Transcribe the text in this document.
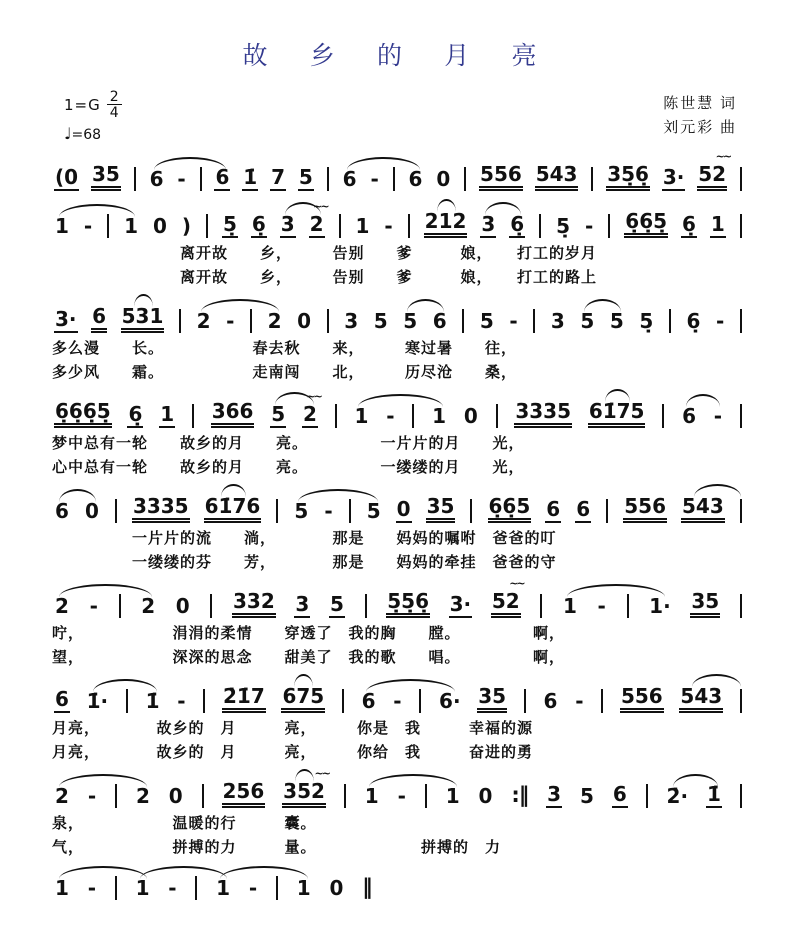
故 乡 的 月 亮
$1=G \frac{2}{4}$
♩=68
陈世慧 词
刘元彩 曲
(0 35 6 - 6 1̇ 7 5 6 - 6 0 556 543 35̣6̣ 3· 52
~~
1 - 1 0 ) 5̣ 6̣ 3 2
~~
1 - 212 3 6̣ 5̣ - 6̣6̣5̣ 6̣ 1
　　　　　　　　离开故　　乡，　　　告别　　爹　　　娘，　　打工的岁月
　　　　　　　　离开故　　乡，　　　告别　　爹　　　娘，　　打工的路上
3· 6 531 2 - 2 0 3 5 5 6 5 - 3 5 5 5̣ 6̣ -
多么漫　　长。　　　　　　春去秋　　来，　　　寒过暑　　往，
多少风　　霜。　　　　　　走南闯　　北，　　　历尽沧　　桑，
6̣6̣6̣5̣ 6̣ 1 366 5 2
~~
1 - 1 0 3335 61̇75 6 -
梦中总有一轮　　故乡的月　　亮。　　　　　一片片的月　　光，
心中总有一轮　　故乡的月　　亮。　　　　　一缕缕的月　　光，
6 0 3335 61̇76 5 - 5 0 35 6̣6̣5 6 6 556 543
　　　　　一片片的流　　淌，　　　　那是　　妈妈的嘱咐　爸爸的叮
　　　　　一缕缕的芬　　芳，　　　　那是　　妈妈的牵挂　爸爸的守
2 - 2 0 332 3 5 5̣5̣6̣ 3· 52
~~
1 - 1· 35
咛，　　　　　　涓涓的柔情　　穿透了　我的胸　　膛。　　　　　啊，
望，　　　　　　深深的思念　　甜美了　我的歌　　唱。　　　　　啊，
6 1̇· 1̇ - 2̇1̇7 675 6 - 6· 35 6 - 556 543
月亮，　　　　故乡的　月　　　亮，　　　你是　我　　　幸福的源
月亮，　　　　故乡的　月　　　亮，　　　你给　我　　　奋进的勇
2 - 2 0 256 352
~~
1 - 1 0 :‖ 3 5 6 2̇· 1̇
泉，　　　　　　温暖的行　　　囊。
气，　　　　　　拼搏的力　　　量。　　　　　　　拼搏的　力
1 - 1 - 1 - 1 0 ‖
